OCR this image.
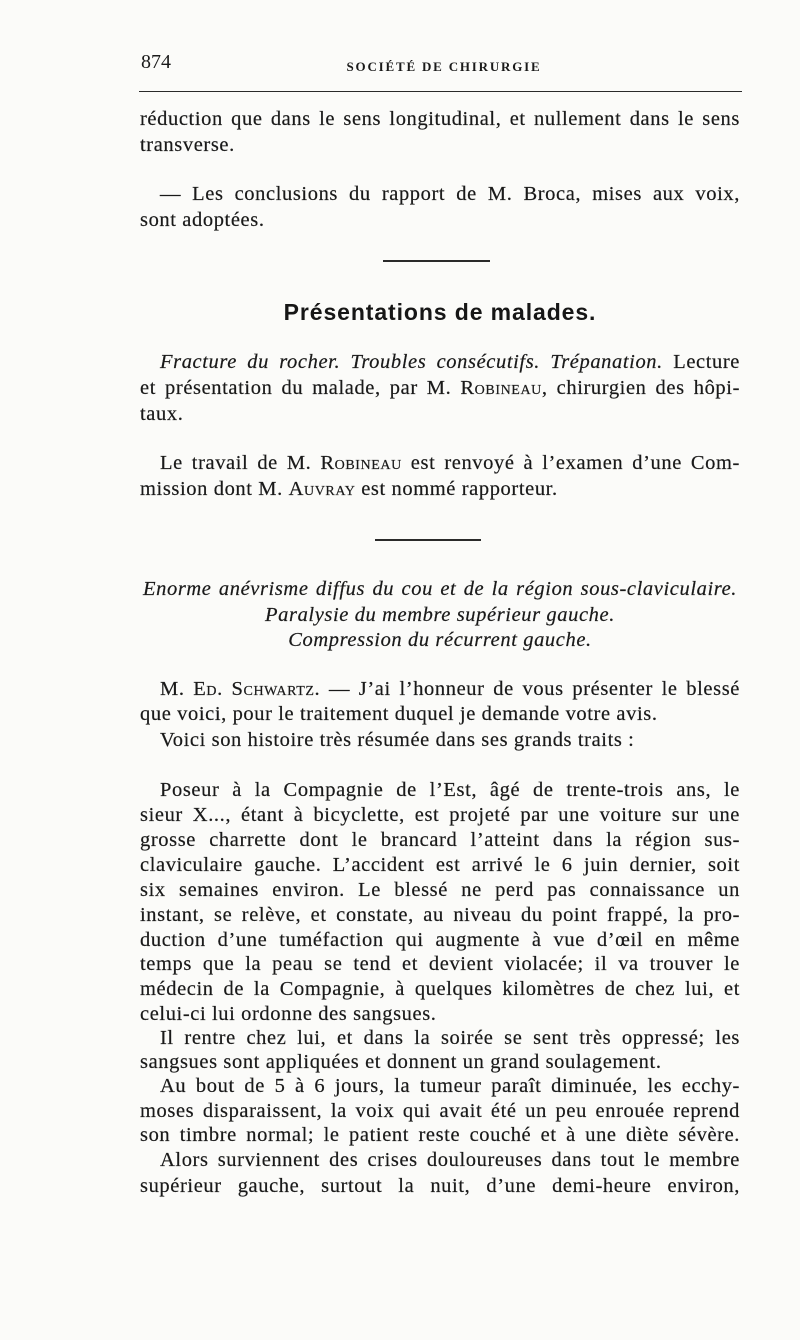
874	SOCIÉTÉ DE CHIRURGIE
réduction que dans le sens longitudinal, et nullement dans le sens
transverse.
— Les conclusions du rapport de M. Broca, mises aux voix,
sont adoptées.
Présentations de malades.
Fracture du rocher. Troubles consécutifs. Trépanation. Lecture
et présentation du malade, par M. Robineau, chirurgien des hôpi-
taux.
Le travail de M. Robineau est renvoyé à l’examen d’une Com-
mission dont M. Auvray est nommé rapporteur.
Enorme anévrisme diffus du cou et de la région sous-claviculaire.
Paralysie du membre supérieur gauche.
Compression du récurrent gauche.
M. Ed. Schwartz. — J’ai l’honneur de vous présenter le blessé
que voici, pour le traitement duquel je demande votre avis.
Voici son histoire très résumée dans ses grands traits :
Poseur à la Compagnie de l’Est, âgé de trente-trois ans, le
sieur X..., étant à bicyclette, est projeté par une voiture sur une
grosse charrette dont le brancard l’atteint dans la région sus-
claviculaire gauche. L’accident est arrivé le 6 juin dernier, soit
six semaines environ. Le blessé ne perd pas connaissance un
instant, se relève, et constate, au niveau du point frappé, la pro-
duction d’une tuméfaction qui augmente à vue d’œil en même
temps que la peau se tend et devient violacée; il va trouver le
médecin de la Compagnie, à quelques kilomètres de chez lui, et
celui-ci lui ordonne des sangsues.
Il rentre chez lui, et dans la soirée se sent très oppressé; les
sangsues sont appliquées et donnent un grand soulagement.
Au bout de 5 à 6 jours, la tumeur paraît diminuée, les ecchy-
moses disparaissent, la voix qui avait été un peu enrouée reprend
son timbre normal; le patient reste couché et à une diète sévère.
Alors surviennent des crises douloureuses dans tout le membre
supérieur gauche, surtout la nuit, d’une demi-heure environ,
